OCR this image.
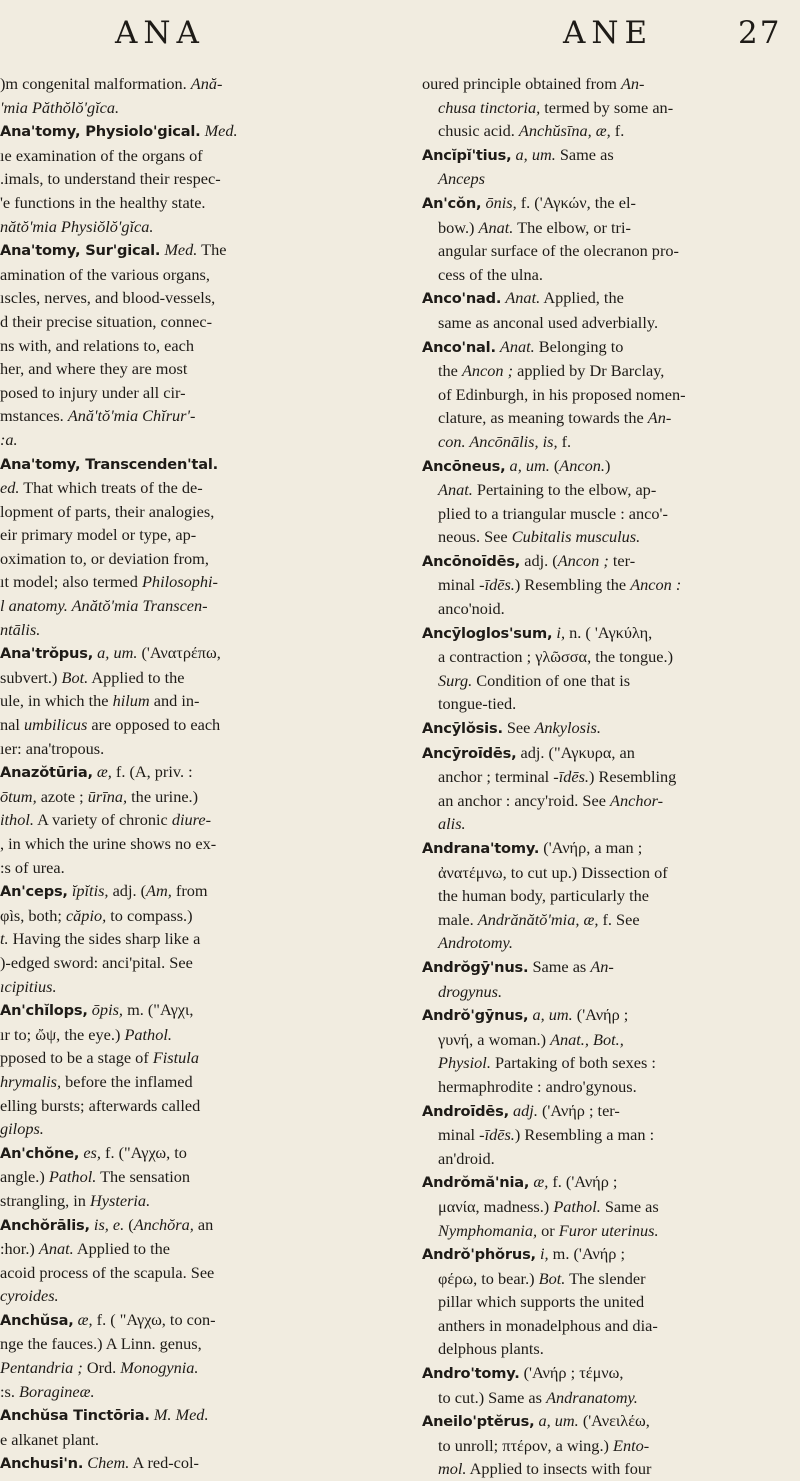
ANA	ANE	27

)m congenital malformation. Ană-
'mia Păthŏlŏ'gĭca.

Ana'tomy, Physiolo'gical. Med.
ıe examination of the organs of
.imals, to understand their respec-
'e functions in the healthy state.
nătŏ'mia Physiŏlŏ'gĭca.

Ana'tomy, Sur'gical. Med. The
amination of the various organs,
ıscles, nerves, and blood-vessels,
d their precise situation, connec-
ns with, and relations to, each
her, and where they are most
posed to injury under all cir-
mstances. Ană'tŏ'mia Chĭrur'-
:a.

Ana'tomy, Transcenden'tal.
ed. That which treats of the de-
lopment of parts, their analogies,
eir primary model or type, ap-
oximation to, or deviation from,
ıt model; also termed Philosophi-
l anatomy. Anătŏ'mia Transcen-
ntālis.

Ana'trŏpus, a, um. ('Ανατρέπω,
subvert.) Bot. Applied to the
ule, in which the hilum and in-
nal umbilicus are opposed to each
ıer: ana'tropous.

Anazŏtūria, æ, f. (A, priv. :
ōtum, azote ; ūrīna, the urine.)
ithol. A variety of chronic diure-
, in which the urine shows no ex-
:s of urea.

An'ceps, ĭpĭtis, adj. (Am, from
φìs, both; căpio, to compass.)
t. Having the sides sharp like a
)-edged sword: anci'pital. See
ıcipitius.

An'chĭlops, ōpis, m. ("Αγχι,
ır to; ὤψ, the eye.) Pathol.
pposed to be a stage of Fistula
hrymalis, before the inflamed
elling bursts; afterwards called
gilops.

An'chŏne, es, f. ("Αγχω, to
angle.) Pathol. The sensation
strangling, in Hysteria.

Anchŏrālis, is, e. (Anchŏra, an
:hor.) Anat. Applied to the
acoid process of the scapula. See
cyroides.

Anchŭsa, æ, f. ( "Αγχω, to con-
nge the fauces.) A Linn. genus,
Pentandria ; Ord. Monogynia.
:s. Boragineæ.

Anchŭsa Tinctōria. M. Med.
e alkanet plant.

Anchusi'n. Chem. A red-col-

oured principle obtained from An-
chusa tinctoria, termed by some an-
chusic acid. Anchŭsīna, æ, f.

Ancĭpĭ'tius, a, um. Same as
Anceps

An'cŏn, ōnis, f. ('Αγκών, the el-
bow.) Anat. The elbow, or tri-
angular surface of the olecranon pro-
cess of the ulna.

Anco'nad. Anat. Applied, the
same as anconal used adverbially.

Anco'nal. Anat. Belonging to
the Ancon ; applied by Dr Barclay,
of Edinburgh, in his proposed nomen-
clature, as meaning towards the An-
con. Ancōnālis, is, f.

Ancōneus, a, um. (Ancon.)
Anat. Pertaining to the elbow, ap-
plied to a triangular muscle : anco'-
neous. See Cubitalis musculus.

Ancōnoīdēs, adj. (Ancon ; ter-
minal -īdēs.) Resembling the Ancon :
anco'noid.

Ancȳloglos'sum, i, n. ( 'Αγκύλη,
a contraction ; γλῶσσα, the tongue.)
Surg. Condition of one that is
tongue-tied.

Ancȳlŏsis. See Ankylosis.

Ancȳroīdēs, adj. ("Αγκυρα, an
anchor ; terminal -īdēs.) Resembling
an anchor : ancy'roid. See Anchor-
alis.

Andrana'tomy. ('Ανήρ, a man ;
ἀνατέμνω, to cut up.) Dissection of
the human body, particularly the
male. Andrănătŏ'mia, æ, f. See
Androtomy.

Andrŏgȳ'nus. Same as An-
drogynus.

Andrŏ'gȳnus, a, um. ('Ανήρ ;
γυνή, a woman.) Anat., Bot.,
Physiol. Partaking of both sexes :
hermaphrodite : andro'gynous.

Androīdēs, adj. ('Ανήρ ; ter-
minal -īdēs.) Resembling a man :
an'droid.

Andrŏmă'nia, æ, f. ('Ανήρ ;
μανία, madness.) Pathol. Same as
Nymphomania, or Furor uterinus.

Andrŏ'phŏrus, i, m. ('Ανήρ ;
φέρω, to bear.) Bot. The slender
pillar which supports the united
anthers in monadelphous and dia-
delphous plants.

Andro'tomy. ('Ανήρ ; τέμνω,
to cut.) Same as Andranatomy.

Aneilo'ptĕrus, a, um. ('Ανειλέω,
to unroll; πτέρον, a wing.) Ento-
mol. Applied to insects with four
